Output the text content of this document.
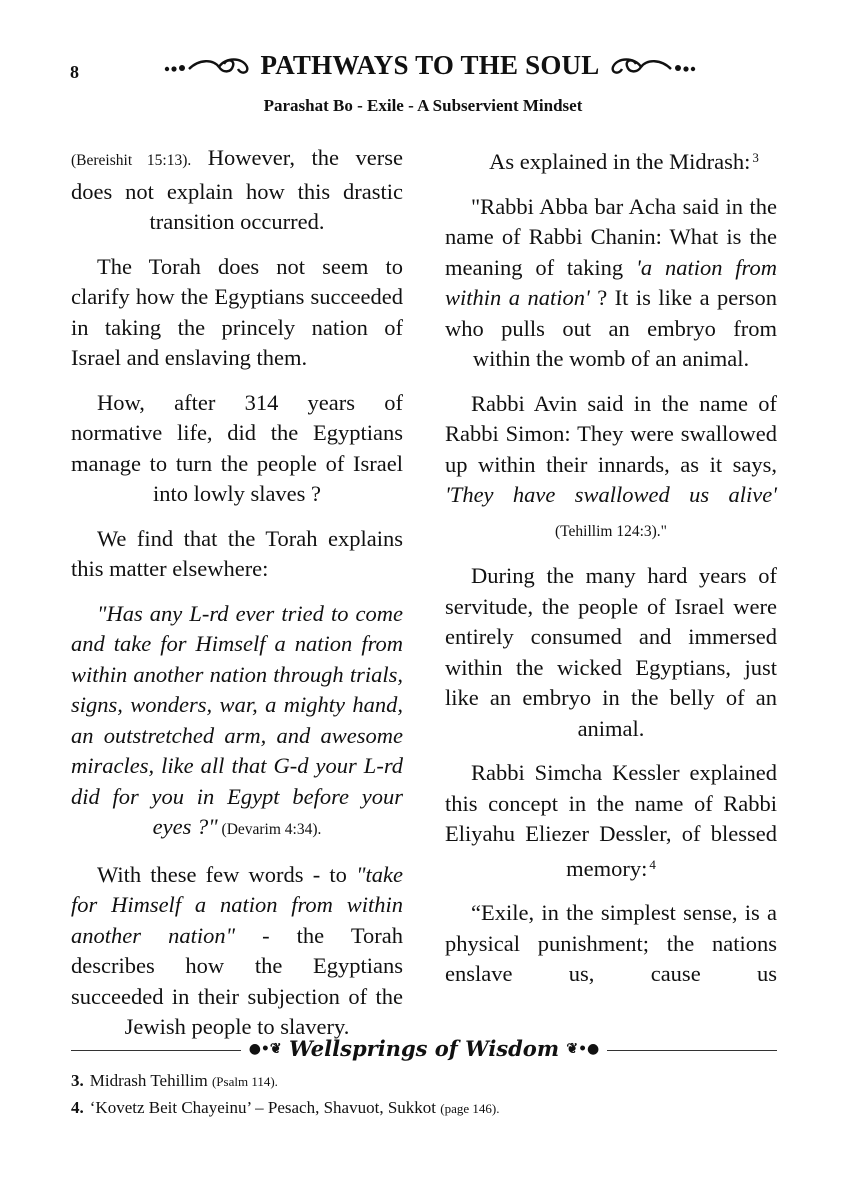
8	PATHWAYS TO THE SOUL
Parashat Bo - Exile - A Subservient Mindset

(Bereishit 15:13). However, the verse does not explain how this drastic transition occurred.

The Torah does not seem to clarify how the Egyptians succeeded in taking the princely nation of Israel and enslaving them.

How, after 314 years of normative life, did the Egyptians manage to turn the people of Israel into lowly slaves ?

We find that the Torah explains this matter elsewhere:

"Has any L-rd ever tried to come and take for Himself a nation from within another nation through trials, signs, wonders, war, a mighty hand, an outstretched arm, and awesome miracles, like all that G-d your L-rd did for you in Egypt before your eyes ?" (Devarim 4:34).

With these few words - to "take for Himself a nation from within another nation" - the Torah describes how the Egyptians succeeded in their subjection of the Jewish people to slavery.

As explained in the Midrash: $^3$

"Rabbi Abba bar Acha said in the name of Rabbi Chanin: What is the meaning of taking 'a nation from within a nation' ? It is like a person who pulls out an embryo from within the womb of an animal.

Rabbi Avin said in the name of Rabbi Simon: They were swallowed up within their innards, as it says, 'They have swallowed us alive' (Tehillim 124:3)."

During the many hard years of servitude, the people of Israel were entirely consumed and immersed within the wicked Egyptians, just like an embryo in the belly of an animal.

Rabbi Simcha Kessler explained this concept in the name of Rabbi Eliyahu Eliezer Dessler, of blessed memory: $^4$

“Exile, in the simplest sense, is a physical punishment; the nations enslave us, cause us

●•❦ Wellsprings of Wisdom ❦•●
3. Midrash Tehillim (Psalm 114).
4. ‘Kovetz Beit Chayeinu’ – Pesach, Shavuot, Sukkot (page 146).
